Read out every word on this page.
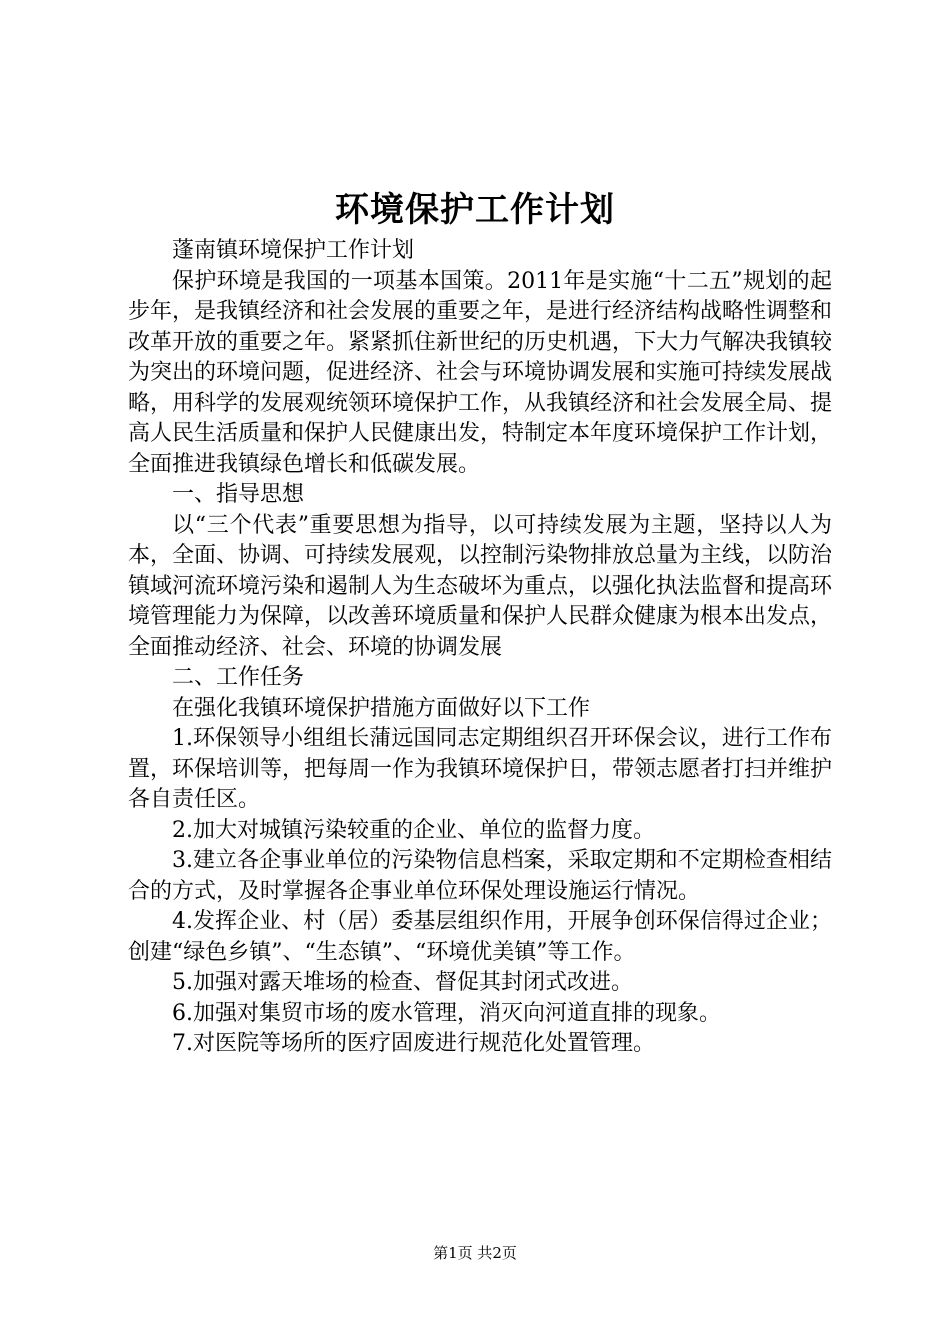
环境保护工作计划

蓬南镇环境保护工作计划

保护环境是我国的一项基本国策。2011年是实施“十二五”规划的起步年，是我镇经济和社会发展的重要之年，是进行经济结构战略性调整和改革开放的重要之年。紧紧抓住新世纪的历史机遇，下大力气解决我镇较为突出的环境问题，促进经济、社会与环境协调发展和实施可持续发展战略，用科学的发展观统领环境保护工作，从我镇经济和社会发展全局、提高人民生活质量和保护人民健康出发，特制定本年度环境保护工作计划，全面推进我镇绿色增长和低碳发展。

一、指导思想

以“三个代表”重要思想为指导，以可持续发展为主题，坚持以人为本，全面、协调、可持续发展观，以控制污染物排放总量为主线，以防治镇域河流环境污染和遏制人为生态破坏为重点，以强化执法监督和提高环境管理能力为保障，以改善环境质量和保护人民群众健康为根本出发点，全面推动经济、社会、环境的协调发展

二、工作任务

在强化我镇环境保护措施方面做好以下工作

1.环保领导小组组长蒲远国同志定期组织召开环保会议，进行工作布置，环保培训等，把每周一作为我镇环境保护日，带领志愿者打扫并维护各自责任区。

2.加大对城镇污染较重的企业、单位的监督力度。

3.建立各企事业单位的污染物信息档案，采取定期和不定期检查相结合的方式，及时掌握各企事业单位环保处理设施运行情况。

4.发挥企业、村（居）委基层组织作用，开展争创环保信得过企业；创建“绿色乡镇”、“生态镇”、“环境优美镇”等工作。

5.加强对露天堆场的检查、督促其封闭式改进。

6.加强对集贸市场的废水管理，消灭向河道直排的现象。

7.对医院等场所的医疗固废进行规范化处置管理。

第1页 共2页
